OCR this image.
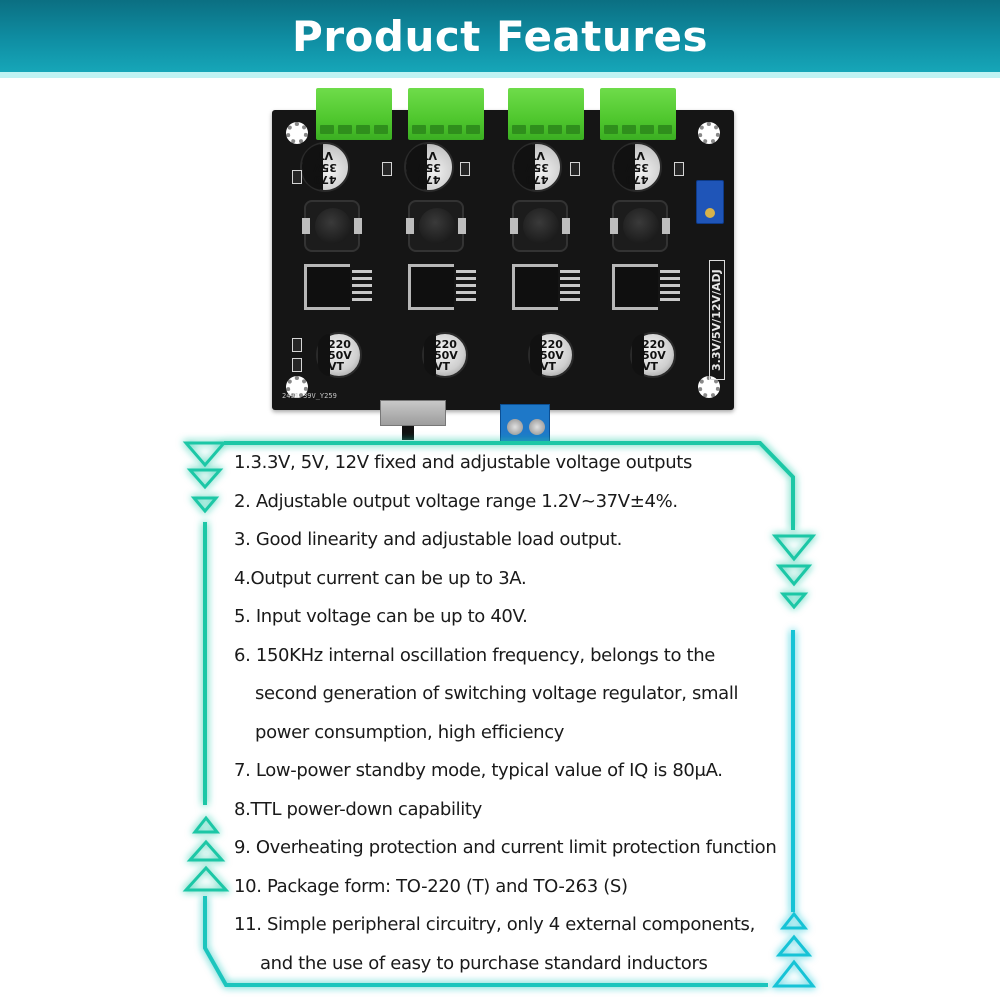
Product Features
470
35V
VT
470
35V
VT
470
35V
VT
470
35V
VT
220
50V
VT
220
50V
VT
220
50V
VT
220
50V
VT	3.3V/5V/12V/ADJ
2491 39V_Y259
1.3.3V, 5V, 12V fixed and adjustable voltage outputs
2. Adjustable output voltage range 1.2V~37V±4%.
3. Good linearity and adjustable load output.
4.Output current can be up to 3A.
5. Input voltage can be up to 40V.
6. 150KHz internal oscillation frequency, belongs to the
second generation of switching voltage regulator, small
power consumption, high efficiency
7. Low-power standby mode, typical value of IQ is 80μA.
8.TTL power-down capability
9. Overheating protection and current limit protection function
10. Package form: TO-220 (T) and TO-263 (S)
11. Simple peripheral circuitry, only 4 external components,
and the use of easy to purchase standard inductors
